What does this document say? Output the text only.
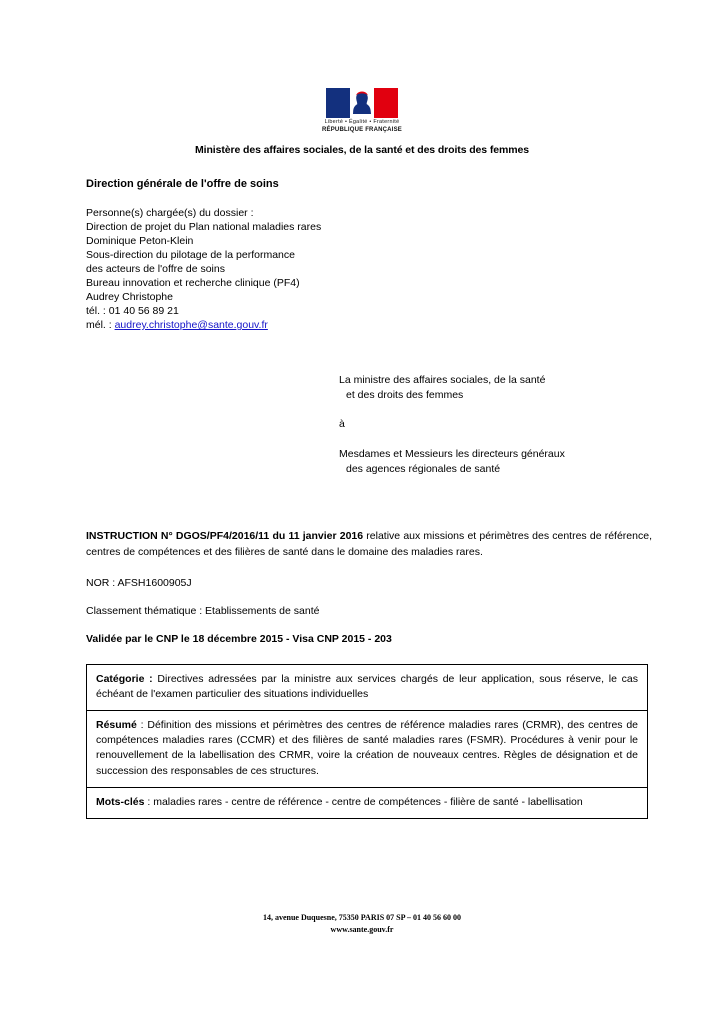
Liberté • Égalité • Fraternité
RÉPUBLIQUE FRANÇAISE
Ministère des affaires sociales, de la santé et des droits des femmes
Direction générale de l'offre de soins
Personne(s) chargée(s) du dossier :
Direction de projet du Plan national maladies rares
Dominique Peton-Klein
Sous-direction du pilotage de la performance
des acteurs de l'offre de soins
Bureau innovation et recherche clinique (PF4)
Audrey Christophe
tél. : 01 40 56 89 21
mél. : audrey.christophe@sante.gouv.fr
La ministre des affaires sociales, de la santé
et des droits des femmes
à
Mesdames et Messieurs les directeurs généraux
des agences régionales de santé
INSTRUCTION N° DGOS/PF4/2016/11 du 11 janvier 2016 relative aux missions et périmètres des centres de référence, centres de compétences et des filières de santé dans le domaine des maladies rares.
NOR : AFSH1600905J
Classement thématique : Etablissements de santé
Validée par le CNP le 18 décembre 2015 - Visa CNP 2015 - 203
Catégorie : Directives adressées par la ministre aux services chargés de leur application, sous réserve, le cas échéant de l'examen particulier des situations individuelles
Résumé : Définition des missions et périmètres des centres de référence maladies rares (CRMR), des centres de compétences maladies rares (CCMR) et des filières de santé maladies rares (FSMR). Procédures à venir pour le renouvellement de la labellisation des CRMR, voire la création de nouveaux centres. Règles de désignation et de succession des responsables de ces structures.
Mots-clés : maladies rares - centre de référence - centre de compétences - filière de santé - labellisation
14, avenue Duquesne, 75350 PARIS 07 SP – 01 40 56 60 00
www.sante.gouv.fr
